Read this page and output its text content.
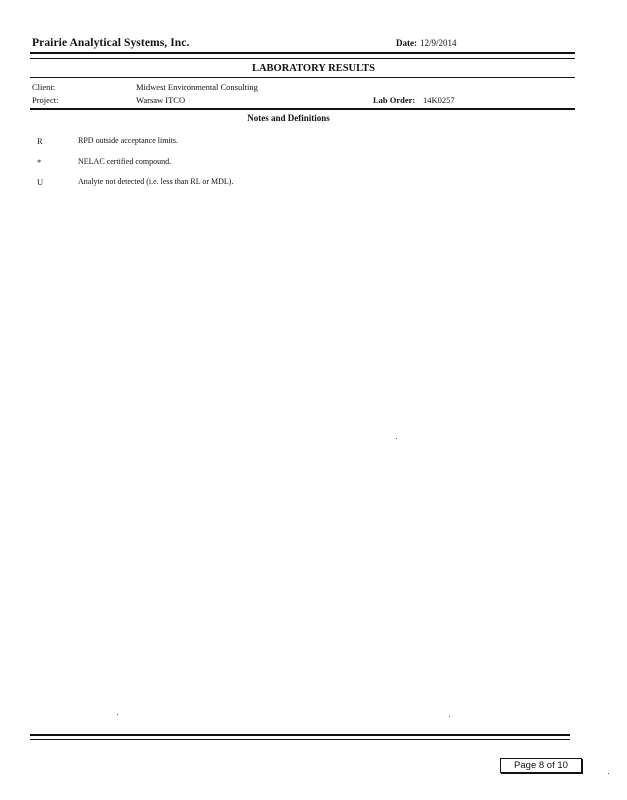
Prairie Analytical Systems, Inc.	Date: 12/9/2014
LABORATORY RESULTS
Client:	Midwest Environmental Consulting
Project:	Warsaw ITCO	Lab Order: 14K0257
Notes and Definitions
R	RPD outside acceptance limits.
*	NELAC certified compound.
U	Analyte not detected (i.e. less than RL or MDL).
Page 8 of 10
